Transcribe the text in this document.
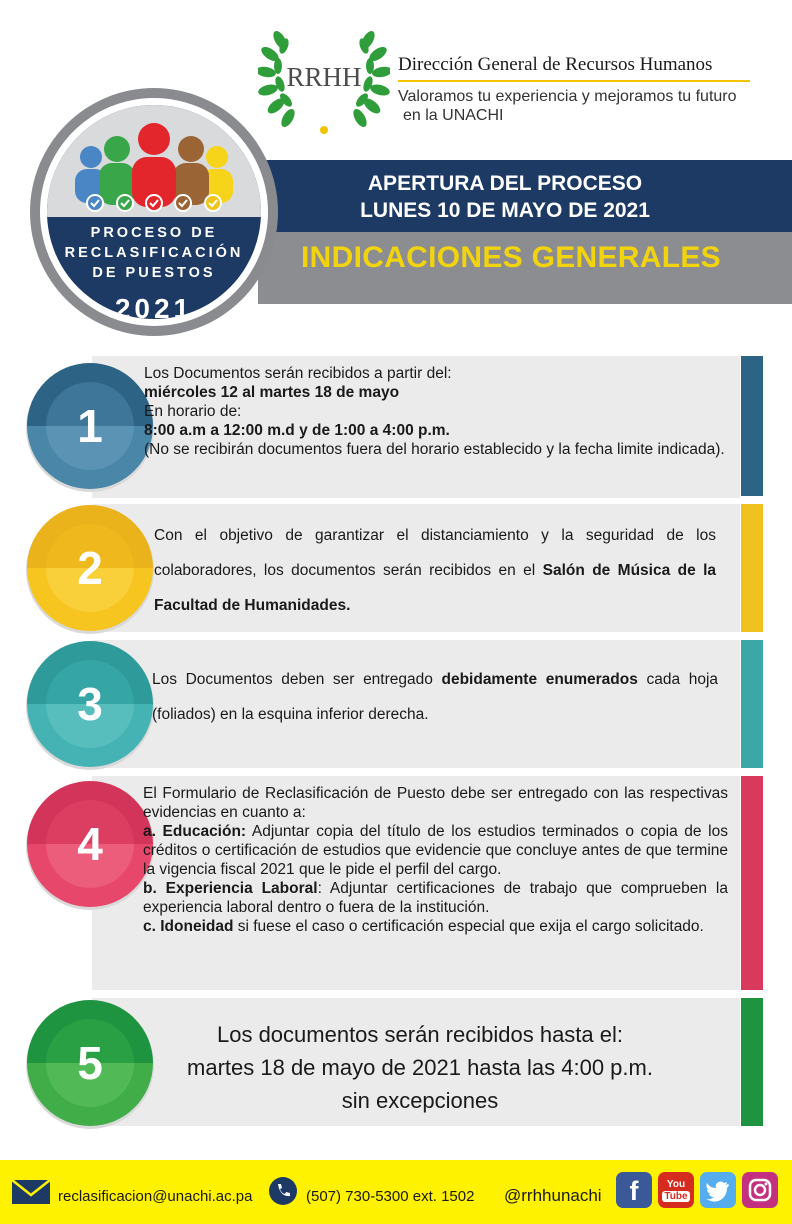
RRHH Dirección General de Recursos Humanos
Valoramos tu experiencia y mejoramos tu futuro
en la UNACHI
APERTURA DEL PROCESO
LUNES 10 DE MAYO DE 2021
INDICACIONES GENERALES
PROCESO DE
RECLASIFICACIÓN
DE PUESTOS
2021
1

Los Documentos serán recibidos a partir del:

miércoles 12 al martes 18 de mayo

En horario de:

8:00 a.m a 12:00 m.d y de 1:00 a 4:00 p.m.

(No se recibirán documentos fuera del horario establecido y la fecha limite indicada).

2
Con el objetivo de garantizar el distanciamiento y la seguridad de los colaboradores, los documentos serán recibidos en el Salón de Música de la Facultad de Humanidades.
3	Los Documentos deben ser entregado debidamente enumerados cada hoja (foliados) en la esquina inferior derecha.
4

El Formulario de Reclasificación de Puesto debe ser entregado con las respectivas evidencias en cuanto a:

a. Educación: Adjuntar copia del título de los estudios terminados o copia de los créditos o certificación de estudios que evidencie que concluye antes de que termine la vigencia fiscal 2021 que le pide el perfil del cargo.

b. Experiencia Laboral: Adjuntar certificaciones de trabajo que comprueben la experiencia laboral dentro o fuera de la institución.

c. Idoneidad si fuese el caso o certificación especial que exija el cargo solicitado.

5
Los documentos serán recibidos hasta el:
martes 18 de mayo de 2021 hasta las 4:00 p.m.
sin excepciones
reclasificacion@unachi.ac.pa	(507) 730-5300 ext. 1502 @rrhhunachi	f	You
Tube
